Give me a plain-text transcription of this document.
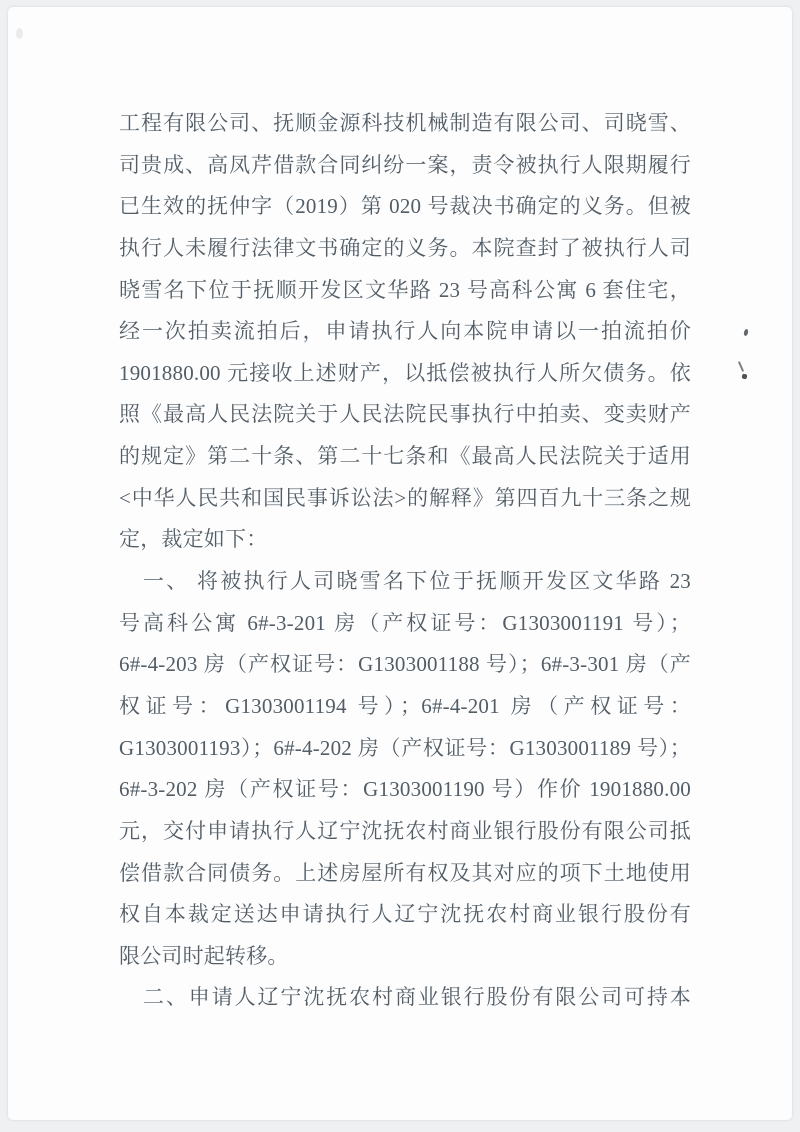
工程有限公司、抚顺金源科技机械制造有限公司、司晓雪、
司贵成、高凤芹借款合同纠纷一案，责令被执行人限期履行
已生效的抚仲字（2019）第 020 号裁决书确定的义务。但被
执行人未履行法律文书确定的义务。本院查封了被执行人司
晓雪名下位于抚顺开发区文华路 23 号高科公寓 6 套住宅，
经一次拍卖流拍后，申请执行人向本院申请以一拍流拍价
1901880.00 元接收上述财产，以抵偿被执行人所欠债务。依
照《最高人民法院关于人民法院民事执行中拍卖、变卖财产
的规定》第二十条、第二十七条和《最高人民法院关于适用
<中华人民共和国民事诉讼法>的解释》第四百九十三条之规
定，裁定如下：
一、 将被执行人司晓雪名下位于抚顺开发区文华路 23
号高科公寓 6#-3-201 房（产权证号：G1303001191 号）；
6#-4-203 房（产权证号：G1303001188 号）；6#-3-301 房（产
权证号：G1303001194 号）；6#-4-201 房（产权证号：
G1303001193）；6#-4-202 房（产权证号：G1303001189 号）；
6#-3-202 房（产权证号：G1303001190 号）作价 1901880.00
元，交付申请执行人辽宁沈抚农村商业银行股份有限公司抵
偿借款合同债务。上述房屋所有权及其对应的项下土地使用
权自本裁定送达申请执行人辽宁沈抚农村商业银行股份有
限公司时起转移。
二、申请人辽宁沈抚农村商业银行股份有限公司可持本
